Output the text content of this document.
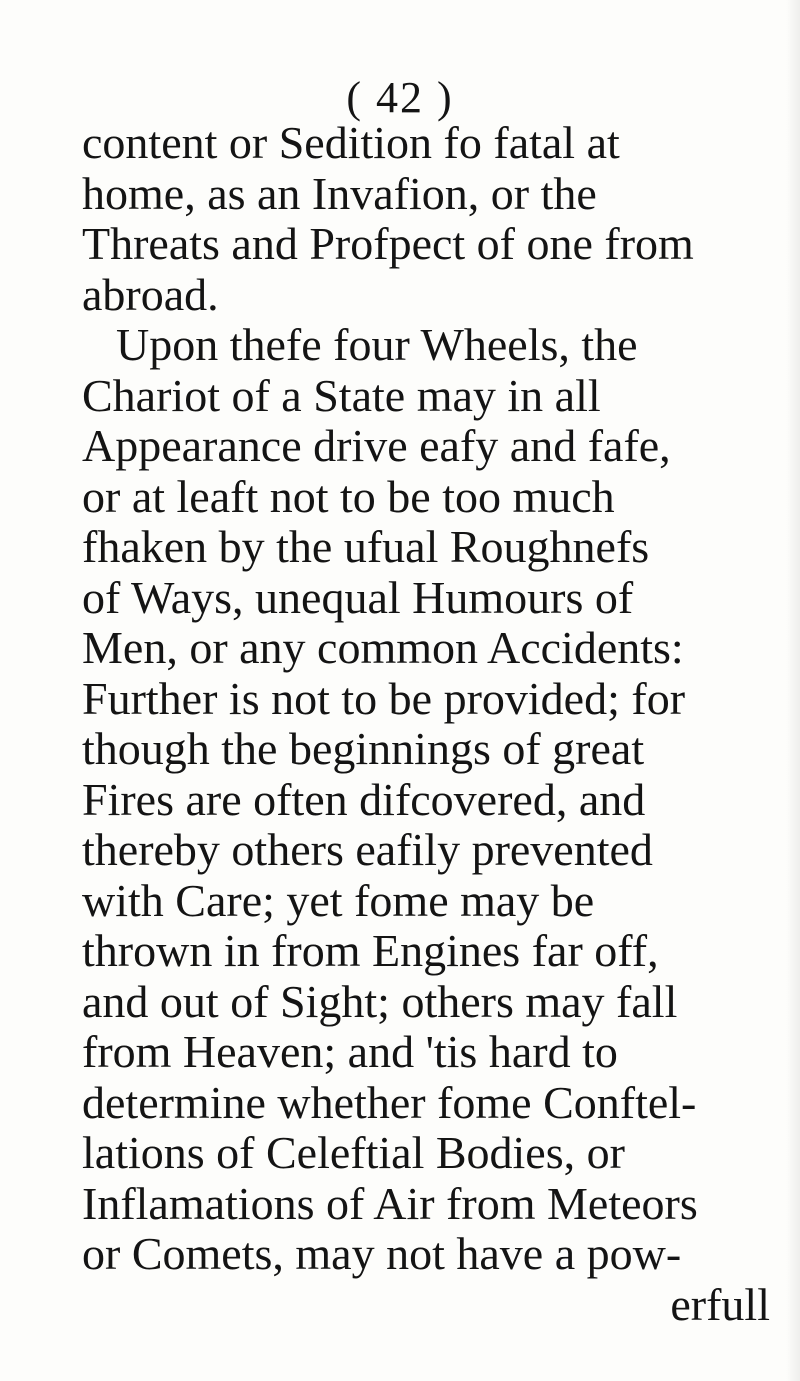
( 42 )
content or Sedition fo fatal at
home, as an Invafion, or the
Threats and Profpect of one from
abroad.
Upon thefe four Wheels, the
Chariot of a State may in all
Appearance drive eafy and fafe,
or at leaft not to be too much
fhaken by the ufual Roughnefs
of Ways, unequal Humours of
Men, or any common Accidents:
Further is not to be provided; for
though the beginnings of great
Fires are often difcovered, and
thereby others eafily prevented
with Care; yet fome may be
thrown in from Engines far off,
and out of Sight; others may fall
from Heaven; and 'tis hard to
determine whether fome Conftel-
lations of Celeftial Bodies, or
Inflamations of Air from Meteors
or Comets, may not have a pow-
erfull
